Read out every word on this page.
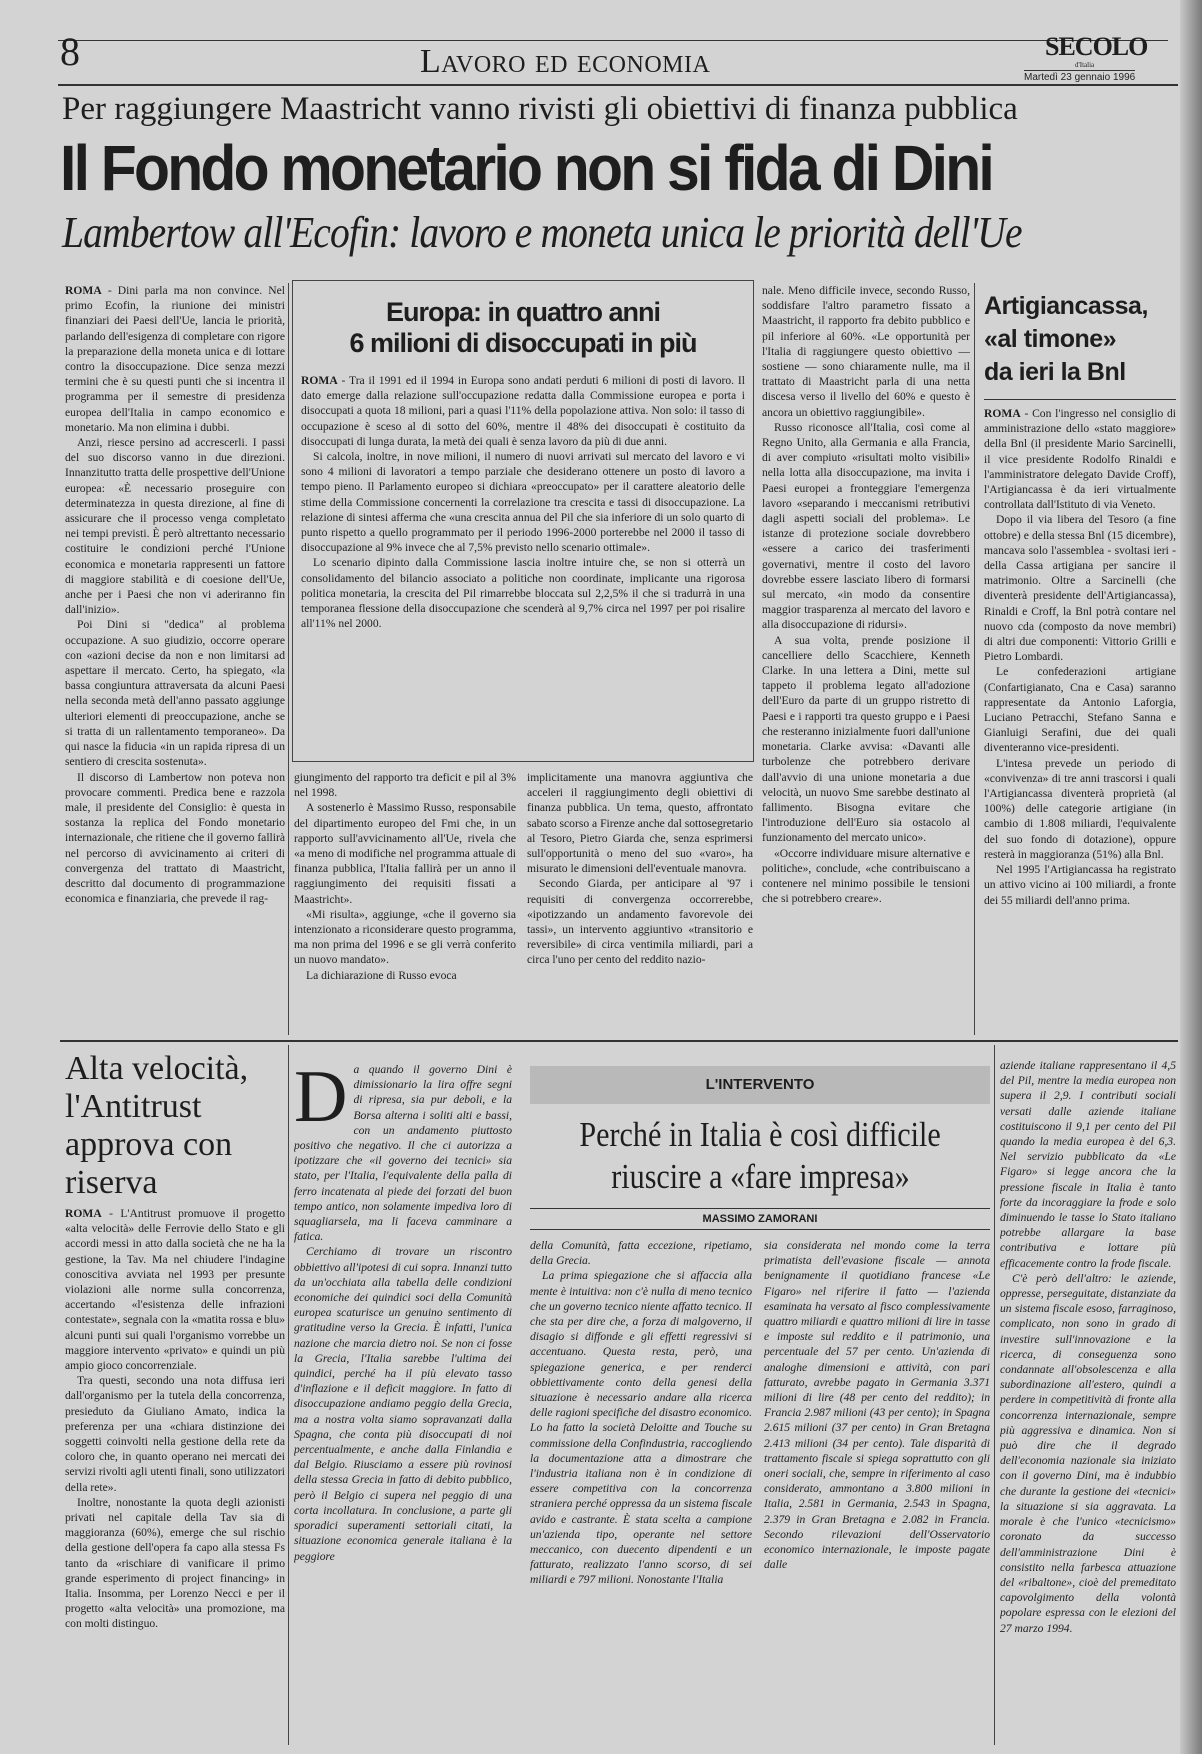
8	Lavoro ed economia	SECOLO
d'Italia
Martedì 23 gennaio 1996
Per raggiungere Maastricht vanno rivisti gli obiettivi di finanza pubblica
Il Fondo monetario non si fida di Dini
Lambertow all'Ecofin: lavoro e moneta unica le priorità dell'Ue

ROMA - Dini parla ma non convince. Nel primo Ecofin, la riunione dei ministri finanziari dei Paesi dell'Ue, lancia le priorità, parlando dell'esigenza di completare con rigore la preparazione della moneta unica e di lottare contro la disoccupazione. Dice senza mezzi termini che è su questi punti che si incentra il programma per il semestre di presidenza europea dell'Italia in campo economico e monetario. Ma non elimina i dubbi.

Anzi, riesce persino ad accrescerli. I passi del suo discorso vanno in due direzioni. Innanzitutto tratta delle prospettive dell'Unione europea: «È necessario proseguire con determinatezza in questa direzione, al fine di assicurare che il processo venga completato nei tempi previsti. È però altrettanto necessario costituire le condizioni perché l'Unione economica e monetaria rappresenti un fattore di maggiore stabilità e di coesione dell'Ue, anche per i Paesi che non vi aderiranno fin dall'inizio».

Poi Dini si "dedica" al problema occupazione. A suo giudizio, occorre operare con «azioni decise da non e non limitarsi ad aspettare il mercato. Certo, ha spiegato, «la bassa congiuntura attraversata da alcuni Paesi nella seconda metà dell'anno passato aggiunge ulteriori elementi di preoccupazione, anche se si tratta di un rallentamento temporaneo». Da qui nasce la fiducia «in un rapida ripresa di un sentiero di crescita sostenuta».

Il discorso di Lambertow non poteva non provocare commenti. Predica bene e razzola male, il presidente del Consiglio: è questa in sostanza la replica del Fondo monetario internazionale, che ritiene che il governo fallirà nel percorso di avvicinamento ai criteri di convergenza del trattato di Maastricht, descritto dal documento di programmazione economica e finanziaria, che prevede il rag-

Europa: in quattro anni
6 milioni di disoccupati in più

ROMA - Tra il 1991 ed il 1994 in Europa sono andati perduti 6 milioni di posti di lavoro. Il dato emerge dalla relazione sull'occupazione redatta dalla Commissione europea e porta i disoccupati a quota 18 milioni, pari a quasi l'11% della popolazione attiva. Non solo: il tasso di occupazione è sceso al di sotto del 60%, mentre il 48% dei disoccupati è costituito da disoccupati di lunga durata, la metà dei quali è senza lavoro da più di due anni.

Si calcola, inoltre, in nove milioni, il numero di nuovi arrivati sul mercato del lavoro e vi sono 4 milioni di lavoratori a tempo parziale che desiderano ottenere un posto di lavoro a tempo pieno. Il Parlamento europeo si dichiara «preoccupato» per il carattere aleatorio delle stime della Commissione concernenti la correlazione tra crescita e tassi di disoccupazione. La relazione di sintesi afferma che «una crescita annua del Pil che sia inferiore di un solo quarto di punto rispetto a quello programmato per il periodo 1996-2000 porterebbe nel 2000 il tasso di disoccupazione al 9% invece che al 7,5% previsto nello scenario ottimale».

Lo scenario dipinto dalla Commissione lascia inoltre intuire che, se non si otterrà un consolidamento del bilancio associato a politiche non coordinate, implicante una rigorosa politica monetaria, la crescita del Pil rimarrebbe bloccata sul 2,2,5% il che si tradurrà in una temporanea flessione della disoccupazione che scenderà al 9,7% circa nel 1997 per poi risalire all'11% nel 2000.

giungimento del rapporto tra deficit e pil al 3% nel 1998.

A sostenerlo è Massimo Russo, responsabile del dipartimento europeo del Fmi che, in un rapporto sull'avvicinamento all'Ue, rivela che «a meno di modifiche nel programma attuale di finanza pubblica, l'Italia fallirà per un anno il raggiungimento dei requisiti fissati a Maastricht».

«Mi risulta», aggiunge, «che il governo sia intenzionato a riconsiderare questo programma, ma non prima del 1996 e se gli verrà conferito un nuovo mandato».

La dichiarazione di Russo evoca

implicitamente una manovra aggiuntiva che acceleri il raggiungimento degli obiettivi di finanza pubblica. Un tema, questo, affrontato sabato scorso a Firenze anche dal sottosegretario al Tesoro, Pietro Giarda che, senza esprimersi sull'opportunità o meno del suo «varo», ha misurato le dimensioni dell'eventuale manovra.

Secondo Giarda, per anticipare al '97 i requisiti di convergenza occorrerebbe, «ipotizzando un andamento favorevole dei tassi», un intervento aggiuntivo «transitorio e reversibile» di circa ventimila miliardi, pari a circa l'uno per cento del reddito nazio-

nale. Meno difficile invece, secondo Russo, soddisfare l'altro parametro fissato a Maastricht, il rapporto fra debito pubblico e pil inferiore al 60%. «Le opportunità per l'Italia di raggiungere questo obiettivo — sostiene — sono chiaramente nulle, ma il trattato di Maastricht parla di una netta discesa verso il livello del 60% e questo è ancora un obiettivo raggiungibile».

Russo riconosce all'Italia, così come al Regno Unito, alla Germania e alla Francia, di aver compiuto «risultati molto visibili» nella lotta alla disoccupazione, ma invita i Paesi europei a fronteggiare l'emergenza lavoro «separando i meccanismi retributivi dagli aspetti sociali del problema». Le istanze di protezione sociale dovrebbero «essere a carico dei trasferimenti governativi, mentre il costo del lavoro dovrebbe essere lasciato libero di formarsi sul mercato, «in modo da consentire maggior trasparenza al mercato del lavoro e alla disoccupazione di ridursi».

A sua volta, prende posizione il cancelliere dello Scacchiere, Kenneth Clarke. In una lettera a Dini, mette sul tappeto il problema legato all'adozione dell'Euro da parte di un gruppo ristretto di Paesi e i rapporti tra questo gruppo e i Paesi che resteranno inizialmente fuori dall'unione monetaria. Clarke avvisa: «Davanti alle turbolenze che potrebbero derivare dall'avvio di una unione monetaria a due velocità, un nuovo Sme sarebbe destinato al fallimento. Bisogna evitare che l'introduzione dell'Euro sia ostacolo al funzionamento del mercato unico».

«Occorre individuare misure alternative e politiche», conclude, «che contribuiscano a contenere nel minimo possibile le tensioni che si potrebbero creare».

Artigiancassa,
«al timone»
da ieri la Bnl

ROMA - Con l'ingresso nel consiglio di amministrazione dello «stato maggiore» della Bnl (il presidente Mario Sarcinelli, il vice presidente Rodolfo Rinaldi e l'amministratore delegato Davide Croff), l'Artigiancassa è da ieri virtualmente controllata dall'Istituto di via Veneto.

Dopo il via libera del Tesoro (a fine ottobre) e della stessa Bnl (15 dicembre), mancava solo l'assemblea - svoltasi ieri - della Cassa artigiana per sancire il matrimonio. Oltre a Sarcinelli (che diventerà presidente dell'Artigiancassa), Rinaldi e Croff, la Bnl potrà contare nel nuovo cda (composto da nove membri) di altri due componenti: Vittorio Grilli e Pietro Lombardi.

Le confederazioni artigiane (Confartigianato, Cna e Casa) saranno rappresentate da Antonio Laforgia, Luciano Petracchi, Stefano Sanna e Gianluigi Serafini, due dei quali diventeranno vice-presidenti.

L'intesa prevede un periodo di «convivenza» di tre anni trascorsi i quali l'Artigiancassa diventerà proprietà (al 100%) delle categorie artigiane (in cambio di 1.808 miliardi, l'equivalente del suo fondo di dotazione), oppure resterà in maggioranza (51%) alla Bnl.

Nel 1995 l'Artigiancassa ha registrato un attivo vicino ai 100 miliardi, a fronte dei 55 miliardi dell'anno prima.

Alta velocità, l'Antitrust approva con riserva

ROMA - L'Antitrust promuove il progetto «alta velocità» delle Ferrovie dello Stato e gli accordi messi in atto dalla società che ne ha la gestione, la Tav. Ma nel chiudere l'indagine conoscitiva avviata nel 1993 per presunte violazioni alle norme sulla concorrenza, accertando «l'esistenza delle infrazioni contestate», segnala con la «matita rossa e blu» alcuni punti sui quali l'organismo vorrebbe un maggiore intervento «privato» e quindi un più ampio gioco concorrenziale.

Tra questi, secondo una nota diffusa ieri dall'organismo per la tutela della concorrenza, presieduto da Giuliano Amato, indica la preferenza per una «chiara distinzione dei soggetti coinvolti nella gestione della rete da coloro che, in quanto operano nei mercati dei servizi rivolti agli utenti finali, sono utilizzatori della rete».

Inoltre, nonostante la quota degli azionisti privati nel capitale della Tav sia di maggioranza (60%), emerge che sul rischio della gestione dell'opera fa capo alla stessa Fs tanto da «rischiare di vanificare il primo grande esperimento di project financing» in Italia. Insomma, per Lorenzo Necci e per il progetto «alta velocità» una promozione, ma con molti distinguo.

Da quando il governo Dini è dimissionario la lira offre segni di ripresa, sia pur deboli, e la Borsa alterna i soliti alti e bassi, con un andamento piuttosto positivo che negativo. Il che ci autorizza a ipotizzare che «il governo dei tecnici» sia stato, per l'Italia, l'equivalente della palla di ferro incatenata al piede dei forzati del buon tempo antico, non solamente impediva loro di squagliarsela, ma li faceva camminare a fatica.

Cerchiamo di trovare un riscontro obbiettivo all'ipotesi di cui sopra. Innanzi tutto da un'occhiata alla tabella delle condizioni economiche dei quindici soci della Comunità europea scaturisce un genuino sentimento di gratitudine verso la Grecia. È infatti, l'unica nazione che marcia dietro noi. Se non ci fosse la Grecia, l'Italia sarebbe l'ultima dei quindici, perché ha il più elevato tasso d'inflazione e il deficit maggiore. In fatto di disoccupazione andiamo peggio della Grecia, ma a nostra volta siamo sopravanzati dalla Spagna, che conta più disoccupati di noi percentualmente, e anche dalla Finlandia e dal Belgio. Riusciamo a essere più rovinosi della stessa Grecia in fatto di debito pubblico, però il Belgio ci supera nel peggio di una corta incollatura. In conclusione, a parte gli sporadici superamenti settoriali citati, la situazione economica generale italiana è la peggiore

L'INTERVENTO
Perché in Italia è così difficile
riuscire a «fare impresa»
MASSIMO ZAMORANI

della Comunità, fatta eccezione, ripetiamo, della Grecia.

La prima spiegazione che si affaccia alla mente è intuitiva: non c'è nulla di meno tecnico che un governo tecnico niente affatto tecnico. Il che sta per dire che, a forza di malgoverno, il disagio si diffonde e gli effetti regressivi si accentuano. Questa resta, però, una spiegazione generica, e per renderci obbiettivamente conto della genesi della situazione è necessario andare alla ricerca delle ragioni specifiche del disastro economico. Lo ha fatto la società Deloitte and Touche su commissione della Confindustria, raccogliendo la documentazione atta a dimostrare che l'industria italiana non è in condizione di essere competitiva con la concorrenza straniera perché oppressa da un sistema fiscale avido e castrante. È stata scelta a campione un'azienda tipo, operante nel settore meccanico, con duecento dipendenti e un fatturato, realizzato l'anno scorso, di sei miliardi e 797 milioni. Nonostante l'Italia

sia considerata nel mondo come la terra primatista dell'evasione fiscale — annota benignamente il quotidiano francese «Le Figaro» nel riferire il fatto — l'azienda esaminata ha versato al fisco complessivamente quattro miliardi e quattro milioni di lire in tasse e imposte sul reddito e il patrimonio, una percentuale del 57 per cento. Un'azienda di analoghe dimensioni e attività, con pari fatturato, avrebbe pagato in Germania 3.371 milioni di lire (48 per cento del reddito); in Francia 2.987 milioni (43 per cento); in Spagna 2.615 milioni (37 per cento) in Gran Bretagna 2.413 milioni (34 per cento). Tale disparità di trattamento fiscale si spiega soprattutto con gli oneri sociali, che, sempre in riferimento al caso considerato, ammontano a 3.800 milioni in Italia, 2.581 in Germania, 2.543 in Spagna, 2.379 in Gran Bretagna e 2.082 in Francia. Secondo rilevazioni dell'Osservatorio economico internazionale, le imposte pagate dalle

aziende italiane rappresentano il 4,5 del Pil, mentre la media europea non supera il 2,9. I contributi sociali versati dalle aziende italiane costituiscono il 9,1 per cento del Pil quando la media europea è del 6,3. Nel servizio pubblicato da «Le Figaro» si legge ancora che la pressione fiscale in Italia è tanto forte da incoraggiare la frode e solo diminuendo le tasse lo Stato italiano potrebbe allargare la base contributiva e lottare più efficacemente contro la frode fiscale.

C'è però dell'altro: le aziende, oppresse, perseguitate, distanziate da un sistema fiscale esoso, farraginoso, complicato, non sono in grado di investire sull'innovazione e la ricerca, di conseguenza sono condannate all'obsolescenza e alla subordinazione all'estero, quindi a perdere in competitività di fronte alla concorrenza internazionale, sempre più aggressiva e dinamica. Non si può dire che il degrado dell'economia nazionale sia iniziato con il governo Dini, ma è indubbio che durante la gestione dei «tecnici» la situazione si sia aggravata. La morale è che l'unico «tecnicismo» coronato da successo dell'amministrazione Dini è consistito nella farbesca attuazione del «ribaltone», cioè del premeditato capovolgimento della volontà popolare espressa con le elezioni del 27 marzo 1994.
